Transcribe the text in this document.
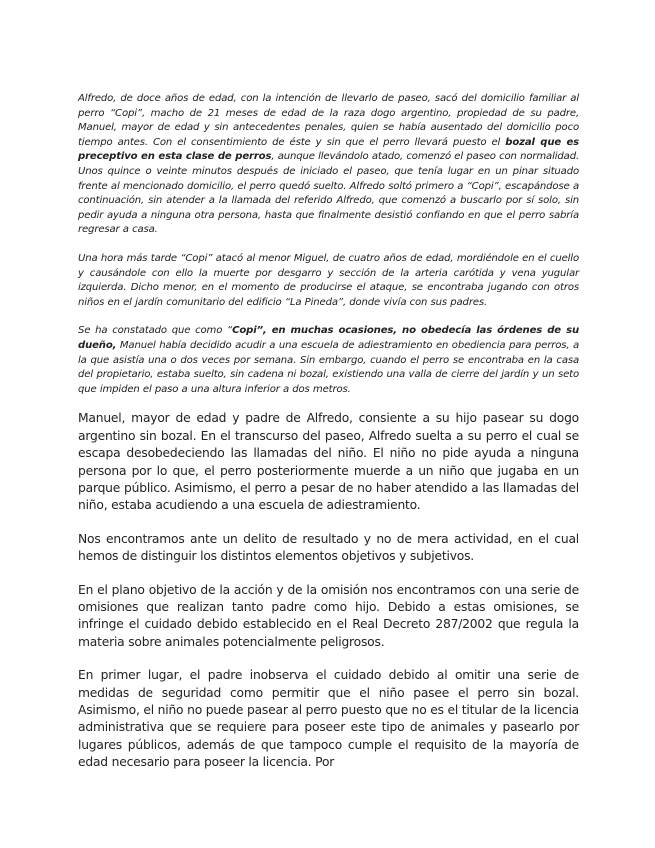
Alfredo, de doce años de edad, con la intención de llevarlo de paseo, sacó del domicilio familiar al perro “Copi”, macho de 21 meses de edad de la raza dogo argentino, propiedad de su padre, Manuel, mayor de edad y sin antecedentes penales, quien se había ausentado del domicilio poco tiempo antes. Con el consentimiento de éste y sin que el perro llevará puesto el bozal que es preceptivo en esta clase de perros, aunque llevándolo atado, comenzó el paseo con normalidad. Unos quince o veinte minutos después de iniciado el paseo, que tenía lugar en un pinar situado frente al mencionado domicilio, el perro quedó suelto. Alfredo soltó primero a “Copi”, escapándose a continuación, sin atender a la llamada del referido Alfredo, que comenzó a buscarlo por sí solo, sin pedir ayuda a ninguna otra persona, hasta que finalmente desistió confiando en que el perro sabría regresar a casa.

Una hora más tarde “Copi” atacó al menor Miguel, de cuatro años de edad, mordiéndole en el cuello y causándole con ello la muerte por desgarro y sección de la arteria carótida y vena yugular izquierda. Dicho menor, en el momento de producirse el ataque, se encontraba jugando con otros niños en el jardín comunitario del edificio “La Pineda”, donde vivía con sus padres.

Se ha constatado que como “Copi”, en muchas ocasiones, no obedecía las órdenes de su dueño, Manuel había decidido acudir a una escuela de adiestramiento en obediencia para perros, a la que asistía una o dos veces por semana. Sin embargo, cuando el perro se encontraba en la casa del propietario, estaba suelto, sin cadena ni bozal, existiendo una valla de cierre del jardín y un seto que impiden el paso a una altura inferior a dos metros.

Manuel, mayor de edad y padre de Alfredo, consiente a su hijo pasear su dogo argentino sin bozal. En el transcurso del paseo, Alfredo suelta a su perro el cual se escapa desobedeciendo las llamadas del niño. El niño no pide ayuda a ninguna persona por lo que, el perro posteriormente muerde a un niño que jugaba en un parque público. Asimismo, el perro a pesar de no haber atendido a las llamadas del niño, estaba acudiendo a una escuela de adiestramiento.

Nos encontramos ante un delito de resultado y no de mera actividad, en el cual hemos de distinguir los distintos elementos objetivos y subjetivos.

En el plano objetivo de la acción y de la omisión nos encontramos con una serie de omisiones que realizan tanto padre como hijo. Debido a estas omisiones, se infringe el cuidado debido establecido en el Real Decreto 287/2002 que regula la materia sobre animales potencialmente peligrosos.

En primer lugar, el padre inobserva el cuidado debido al omitir una serie de medidas de seguridad como permitir que el niño pasee el perro sin bozal. Asimismo, el niño no puede pasear al perro puesto que no es el titular de la licencia administrativa que se requiere para poseer este tipo de animales y pasearlo por lugares públicos, además de que tampoco cumple el requisito de la mayoría de edad necesario para poseer la licencia. Por
